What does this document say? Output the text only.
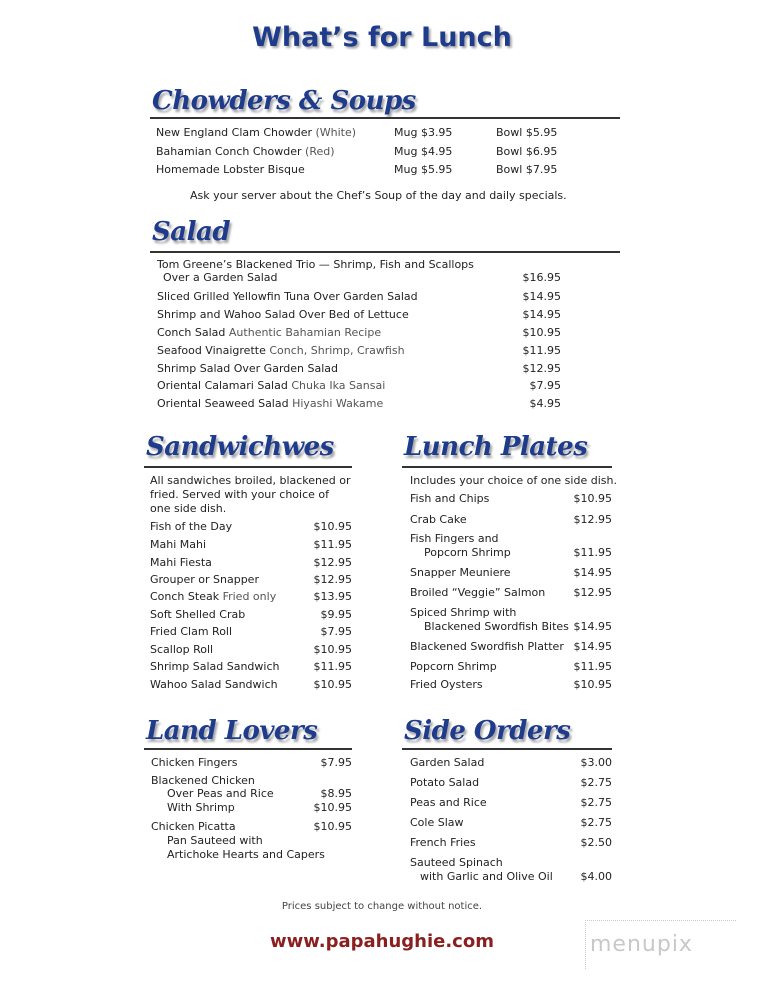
What’s for Lunch
Chowders & Soups
New England Clam Chowder (White)	Mug $3.95	Bowl $5.95
Bahamian Conch Chowder (Red)	Mug $4.95	Bowl $6.95
Homemade Lobster Bisque	Mug $5.95	Bowl $7.95
Ask your server about the Chef’s Soup of the day and daily specials.
Salad
Tom Greene’s Blackened Trio — Shrimp, Fish and Scallops
Over a Garden Salad	$16.95
Sliced Grilled Yellowfin Tuna Over Garden Salad	$14.95
Shrimp and Wahoo Salad Over Bed of Lettuce	$14.95
Conch Salad Authentic Bahamian Recipe	$10.95
Seafood Vinaigrette Conch, Shrimp, Crawfish	$11.95
Shrimp Salad Over Garden Salad	$12.95
Oriental Calamari Salad Chuka Ika Sansai	$7.95
Oriental Seaweed Salad Hiyashi Wakame	$4.95
Sandwichwes
All sandwiches broiled, blackened or
fried. Served with your choice of
one side dish.
Fish of the Day	$10.95
Mahi Mahi	$11.95
Mahi Fiesta	$12.95
Grouper or Snapper	$12.95
Conch Steak Fried only	$13.95
Soft Shelled Crab	$9.95
Fried Clam Roll	$7.95
Scallop Roll	$10.95
Shrimp Salad Sandwich	$11.95
Wahoo Salad Sandwich	$10.95
Lunch Plates
Includes your choice of one side dish.
Fish and Chips	$10.95
Crab Cake	$12.95
Fish Fingers and
Popcorn Shrimp	$11.95
Snapper Meuniere	$14.95
Broiled “Veggie” Salmon	$12.95
Spiced Shrimp with
Blackened Swordfish Bites $14.95
Blackened Swordfish Platter $14.95
Popcorn Shrimp	$11.95
Fried Oysters	$10.95
Land Lovers
Chicken Fingers	$7.95
Blackened Chicken
Over Peas and Rice	$8.95
With Shrimp	$10.95
Chicken Picatta	$10.95
Pan Sauteed with
Artichoke Hearts and Capers
Side Orders
Garden Salad	$3.00
Potato Salad	$2.75
Peas and Rice	$2.75
Cole Slaw	$2.75
French Fries	$2.50
Sauteed Spinach
with Garlic and Olive Oil	$4.00
Prices subject to change without notice.
www.papahughie.com	menupix
